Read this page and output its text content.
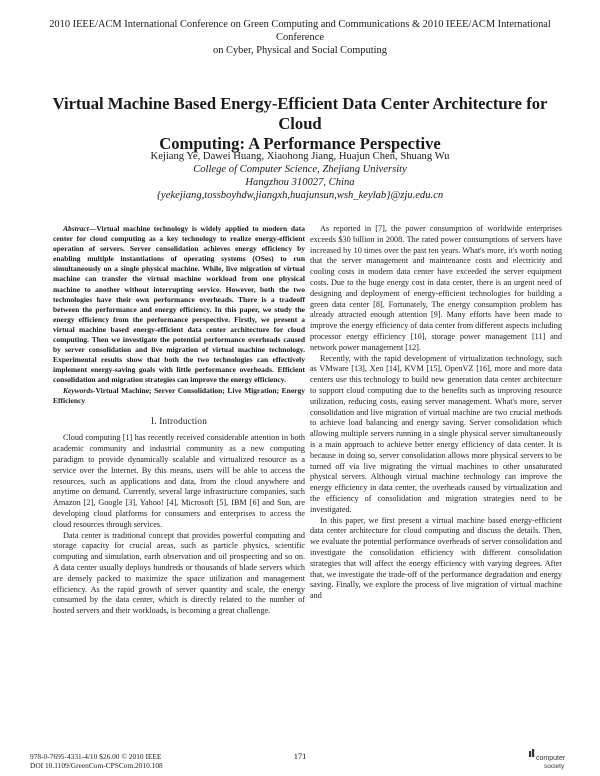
2010 IEEE/ACM International Conference on Green Computing and Communications & 2010 IEEE/ACM International Conference
on Cyber, Physical and Social Computing
Virtual Machine Based Energy-Efficient Data Center Architecture for Cloud
Computing: A Performance Perspective
Kejiang Ye, Dawei Huang, Xiaohong Jiang, Huajun Chen, Shuang Wu
College of Computer Science, Zhejiang University
Hangzhou 310027, China
{yekejiang,tossboyhdw,jiangxh,huajunsun,wsh_keylab}@zju.edu.cn

Abstract—Virtual machine technology is widely applied to modern data center for cloud computing as a key technology to realize energy-efficient operation of servers. Server consolidation achieves energy efficiency by enabling multiple instantiations of operating systems (OSes) to run simultaneously on a single physical machine. While, live migration of virtual machine can transfer the virtual machine workload from one physical machine to another without interrupting service. However, both the two technologies have their own performance overheads. There is a tradeoff between the performance and energy efficiency. In this paper, we study the energy efficiency from the performance perspective. Firstly, we present a virtual machine based energy-efficient data center architecture for cloud computing. Then we investigate the potential performance overheads caused by server consolidation and live migration of virtual machine technology. Experimental results show that both the two technologies can effectively implement energy-saving goals with little performance overheads. Efficient consolidation and migration strategies can improve the energy efficiency.

Keywords-Virtual Machine; Server Consolidation; Live Migration; Energy Efficiency

I. Introduction

Cloud computing [1] has recently received considerable attention in both academic community and industrial community as a new computing paradigm to provide dynamically scalable and virtualized resource as a service over the Internet. By this means, users will be able to access the resources, such as applications and data, from the cloud anywhere and anytime on demand. Currently, several large infrastructure companies, such Amazon [2], Google [3], Yahoo! [4], Microsoft [5], IBM [6] and Sun, are developing cloud platforms for consumers and enterprises to access the cloud resources through services.

Data center is traditional concept that provides powerful computing and storage capacity for crucial areas, such as particle physics, scientific computing and simulation, earth observation and oil prospecting and so on. A data center usually deploys hundreds or thousands of blade servers which are densely packed to maximize the space utilization and management efficiency. As the rapid growth of server quantity and scale, the energy consumed by the data center, which is directly related to the number of hosted servers and their workloads, is becoming a great challenge.

As reported in [7], the power consumption of worldwide enterprises exceeds $30 billion in 2008. The rated power consumptions of servers have increased by 10 times over the past ten years. What's more, it's worth noting that the server management and maintenance costs and electricity and cooling costs in modern data center have exceeded the server equipment costs. Due to the huge energy cost in data center, there is an urgent need of designing and deployment of energy-efficient technologies for building a green data center [8]. Fortunately, The energy consumption problem has already attracted enough attention [9]. Many efforts have been made to improve the energy efficiency of data center from different aspects including processor energy efficiency [10], storage power management [11] and network power management [12].

Recently, with the rapid development of virtualization technology, such as VMware [13], Xen [14], KVM [15], OpenVZ [16], more and more data centers use this technology to build new generation data center architecture to support cloud computing due to the benefits such as improving resource utilization, reducing costs, easing server management. What's more, server consolidation and live migration of virtual machine are two crucial methods to achieve load balancing and energy saving. Server consolidation which allowing multiple servers running in a single physical server simultaneously is a main approach to achieve better energy efficiency of data center. It is because in doing so, server consolidation allows more physical servers to be turned off via live migrating the virtual machines to other unsaturated physical servers. Although virtual machine technology can improve the energy efficiency in data center, the overheads caused by virtualization and the efficiency of consolidation and migration strategies need to be investigated.

In this paper, we first present a virtual machine based energy-efficient data center architecture for cloud computing and discuss the details. Then, we evaluate the potential performance overheads of server consolidation and investigate the consolidation efficiency with different consolidation strategies that will affect the energy efficiency with varying degrees. After that, we investigate the trade-off of the performance degradation and energy saving. Finally, we explore the process of live migration of virtual machine and

978-0-7695-4331-4/10 $26.00 © 2010 IEEE
DOI 10.1109/GreenCom-CPSCom.2010.108
171	computer
society
